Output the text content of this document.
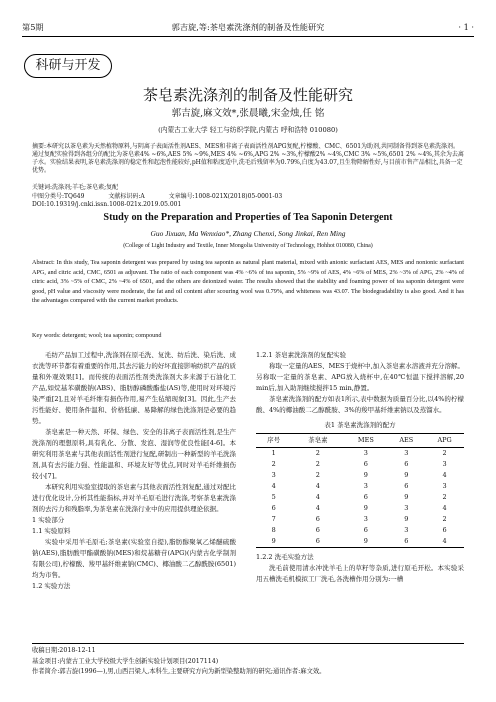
第5期	郭吉旋,等:茶皂素洗涤剂的制备及性能研究	· 1 ·
科研与开发
茶皂素洗涤剂的制备及性能研究
郭吉旋,麻文效*,张晨曦,宋金烛,任 铭
(内蒙古工业大学 轻工与纺织学院,内蒙古 呼和浩特 010080)
摘要:本研究以茶皂素为天然植物原料,与阴离子表面活性剂AES、MES和非离子表面活性剂APG复配,柠檬酸、CMC、6501为助剂,共同制备得到茶皂素洗涤剂。通过复配实验得到各组分的配比为茶皂素4% ~6%,AES 5% ~9%,MES 4% ~6%,APG 2% ~3%,柠檬酸2% ~4%,CMC 3% ~5%,6501 2% ~4%,其余为去离子水。实验结果表明,茶皂素洗涤剂的稳定性和起泡性能较好,pH值和粘度适中,洗毛后残留率为0.79%,白度为43.07,且生物降解性好,与目前市售产品相比,具备一定优势。
关键词:洗涤剂;羊毛;茶皂素;复配
中图分类号:TQ649	文献标识码:A	文章编号:1008-021X(2018)05-0001-03
DOI:10.19319/j.cnki.issn.1008-021x.2019.05.001
Study on the Preparation and Properties of Tea Saponin Detergent
Guo Jixuan, Ma Wenxiao*, Zhang Chenxi, Song Jinkai, Ren Ming
(College of Light Industry and Textile, Inner Mongolia University of Technology, Hohhot 010080, China)
Abstract: In this study, Tea saponin detergent was prepared by using tea saponin as natural plant material, mixed with anionic surfactant AES, MES and nonionic surfactant APG, and citric acid, CMC, 6501 as adjuvant. The ratio of each component was 4% ~6% of tea saponin, 5% ~9% of AES, 4% ~6% of MES, 2% ~3% of APG, 2% ~4% of citric acid, 3% ~5% of CMC, 2% ~4% of 6501, and the others are deionized water. The results showed that the stability and foaming power of tea saponin detergent were good, pH value and viscosity were moderate, the fat and oil content after scouring wool was 0.79%, and whiteness was 43.07. The biodegradability is also good. And it has the advantages compared with the current market products.
Key words: detergent; wool; tea saponin; compound

毛纺产品加工过程中,洗涤剂在原毛洗、复洗、纺后洗、染后洗、成衣洗等环节都有着重要的作用,其去污能力的好坏直接影响纺织产品的质量和外观效果[1]。而传统的表面活性剂类洗涤剂大多来源于石油化工产品,如烷基苯磺酸钠(ABS)、脂肪醇磷酸酯盐(AS)等,使用时对环境污染严重[2],且对羊毛纤维有损伤作用,易产生毡缩现象[3]。因此,生产去污性能好、使用条件温和、价格低廉、易降解的绿色洗涤剂是必要的趋势。

茶皂素是一种天然、环保、绿色、安全的非离子表面活性剂,是生产洗涤剂的理想原料,具有乳化、分散、发泡、湿润等优良性能[4-6]。本研究利用茶皂素与其他表面活性剂进行复配,研制出一种新型的羊毛洗涤剂,具有去污能力强、性能温和、环境友好等优点,同时对羊毛纤维损伤较小[7]。

本研究利用实验室提取的茶皂素与其他表面活性剂复配,通过对配比进行优化设计,分析其性能指标,并对羊毛原毛进行洗涤,考察茶皂素洗涤剂的去污力和残脂率,为茶皂素在洗涤行业中的应用提供理论依据。

1 实验部分

1.1 实验原料

实验中采用羊毛原毛;茶皂素(实验室自提),脂肪醇聚氧乙烯醚硫酸钠(AES),脂肪酸甲酯磺酸钠(MES)和烷基糖苷(APG)(内蒙古化学制剂有限公司),柠檬酸、羧甲基纤维素钠(CMC)、椰油酸二乙醇酰胺(6501)均为市售。

1.2 实验方法

1.2.1 茶皂素洗涤剂的复配实验

称取一定量的AES、MES于烧杯中,加入茶皂素水溶液并充分溶解。另称取一定量的茶皂素、APG放入烧杯中,在40℃恒温下搅拌溶解,20 min后,加入助剂继续搅拌15 min,静置。

茶皂素洗涤剂的配方如表1所示,表中数据为质量百分比,以4%的柠檬酸、4%的椰油酸二乙醇酰胺、3%的羧甲基纤维素钠以及蒸馏水。

表1 茶皂素洗涤剂的配方
序号	茶皂素	MES	AES	APG
1	2	3	3	2
2	2	6	6	3
3	2	9	9	4
4	4	3	6	3
5	4	6	9	2
6	4	9	3	4
7	6	3	9	2
8	6	6	3	6
9	6	9	6	4

1.2.2 洗毛实验方法

洗毛前使用清水冲洗羊毛上的草籽等杂质,进行原毛开松。本实验采用五槽洗毛机模拟工厂洗毛,各洗槽作用分别为:一槽

收稿日期:2018-12-11
基金项目:内蒙古工业大学校级大学生创新实验计划项目(2017114)
作者简介:郭吉旋(1996—),男,山西吕梁人,本科生,主要研究方向为新型染整助剂的研究;通讯作者:麻文效。
